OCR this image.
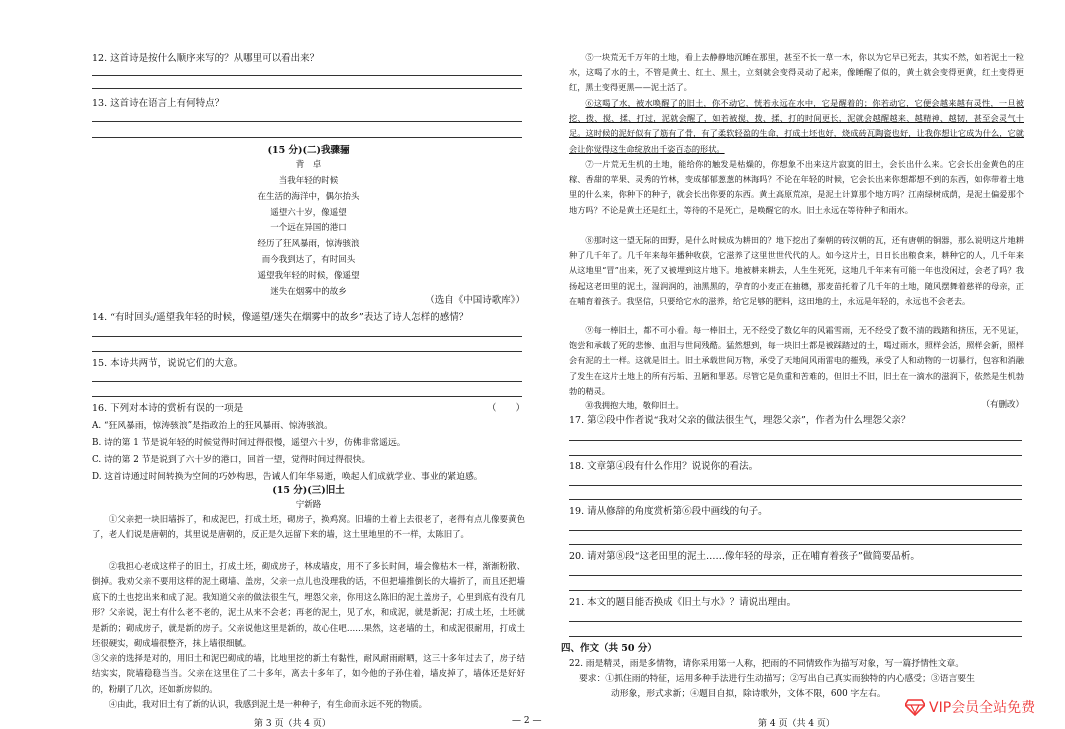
12. 这首诗是按什么顺序来写的？从哪里可以看出来？
13. 这首诗在语言上有何特点？
(15 分)(二)我骤骊
背　卓
当我年轻的时候
在生活的海洋中，偶尔抬头
遥望六十岁，像遥望
一个远在异国的港口
经历了狂风暴雨，惊涛骇浪
而今我到达了，有时回头
遥望我年轻的时候，像遥望
迷失在烟雾中的故乡
（选自《中国诗歌库》）
14. “有时回头/遥望我年轻的时候，像遥望/迷失在烟雾中的故乡”表达了诗人怎样的感情？
15. 本诗共两节，说说它们的大意。
16. 下列对本诗的赏析有误的一项是	（　　）
A. “狂风暴雨，惊涛骇浪”是指政治上的狂风暴雨、惊涛骇浪。
B. 诗的第 1 节是说年轻的时候觉得时间过得很慢，遥望六十岁，仿佛非常遥远。
C. 诗的第 2 节是说到了六十岁的港口，回首一望，觉得时间过得很快。
D. 这首诗通过时间转换为空间的巧妙构思，告诫人们年华易逝，唤起人们成就学业、事业的紧迫感。
(15 分)(三)旧土
宁新路
①父亲把一块旧墙拆了，和成泥巴，打成土坯，砌房子，换鸡窝。旧墙的土着上去很老了，老得有点儿像要黄色了，老人们说是唐朝的，其里说是唐朝的，反正是久远留下来的墙，这土里地里的不一样，太陈旧了。
②我担心老成这样子的旧土，打成土坯，砌成房子，林成墙皮，用不了多长时间，墙会像枯木一样，渐渐粉散、倒掉。我劝父亲不要用这样的泥土砌墙、盖房，父亲一点儿也没理我的话，不但把墙推倒长的大墙折了，而且还把墙底下的土也挖出来和成了泥。我知道父亲的做法很生气，埋怨父亲，你用这么陈旧的泥土盖房子，心里到底有没有几形？父亲说，泥土有什么老不老的，泥土从来不会老；再老的泥土，见了水，和成泥，就是新泥；打成土坯，土坯就是新的；砌成房子，就是新的房子。父亲说他这里是新的，故心住吧……果然，这老墙的土，和成泥很耐用，打成土坯很硬实，砌成墙很整齐，抹上墙很细腻。
③父亲的选择是对的，用旧土和泥巴砌成的墙，比地里挖的新土有黏性，耐风耐雨耐晒，这三十多年过去了，房子结结实实，院墙稳稳当当。父亲在这里住了二十多年，离去十多年了，如今他的子孙住着，墙皮掉了，墙体还是好好的，粉刷了几次，还如新房似的。
④由此，我对旧土有了新的认识，我感到泥土是一种种子，有生命而永远不死的物质。
第 3 页（共 4 页）	— 2 —
⑤一块荒无千万年的土地，看上去静静地沉睡在那里，甚至不长一草一木，你以为它早已死去，其实不然，如若泥土一粒水，这喝了水的土，不管是黄土、红土、黑土，立刻就会变得灵动了起来，像睡醒了似的，黄土就会变得更黄，红土变得更红，黑土变得更黑——泥土活了。
⑥这喝了水，被水唤醒了的旧土，你不动它，恍若永远在水中，它是醒着的；你若动它，它便会越来越有灵性，一旦被挖、拨、搅、揉、打过，泥就会醒了，如若被搅、拨、揉、打的时间更长，泥就会越醒越来、越精神、越韧，甚至会灵气十足。这时候的泥好似有了筋有了骨，有了柔软轻盈的生命，打成土坯也好，烧成砖瓦陶瓷也好，让我你想让它成为什么，它就会让你觉得这生命绽放出千姿百态的形状。
⑦一片荒无生机的土地，能给你的触发是枯燥的，你想象不出来这片寂寞的旧土，会长出什么来。它会长出金黄色的庄稼、香甜的苹果、灵秀的竹林，变成郁郁葱葱的林海吗？不论在年轻的时候，它会长出来你想都想不到的东西，如你带着土地里的什么来，你种下的种子，就会长出你要的东西。黄土高原荒凉，是泥土计算那个地方吗？江南绿树成荫，是泥土偏爱那个地方吗？不论是黄土还是红土，等待的不是死亡，是唤醒它的水。旧土永远在等待种子和雨水。
⑧那时这一望无际的田野，是什么时候成为耕田的？地下挖出了秦朝的砖汉朝的瓦，还有唐朝的铜器，那么说明这片地耕种了几千年了。几千年来每年播种收获，它滋养了这里世世代代的人。如今这片土，日日长出粮食来，耕种它的人，几千年来从这地里“冒”出来，死了又被埋到这片地下。地被耕来耕去，人生生死死，这地几千年来有可能一年也没闲过，会老了吗？我扬起这老田里的泥土，湿润润的，油黑黑的，孕育的小麦正在抽穗，那麦苗托着了几千年的土地，随风摆舞着慈祥的母亲，正在哺育着孩子。我坚信，只要给它水的滋养，给它足够的肥料，这田地的土，永远是年轻的，永远也不会老去。
⑨每一棒旧土，都不可小看。每一棒旧土，无不经受了数亿年的风霜雪雨，无不经受了数不清的践踏和挤压，无不见证，饱尝和承载了死的悲惨、血泪与世间残酷。猛然想到，每一块旧土都是被踩踏过的土，喝过雨水，照样会活，照样会新，照样会有泥的土一样。这就是旧土。旧土承载世间万物，承受了天地间风雨雷电的摧残，承受了人和动物的一切暴行，包容和消融了发生在这片土地上的所有污垢、丑陋和罪恶。尽管它是负重和苦难的，但旧土不旧，旧土在一滴水的滋润下，依然是生机勃勃的精灵。
⑩我拥抱大地，敬仰旧土。	（有删改）
17. 第②段中作者说“我对父亲的做法很生气，埋怨父亲”，作者为什么埋怨父亲？
18. 文章第④段有什么作用？说说你的看法。
19. 请从修辞的角度赏析第⑥段中画线的句子。
20. 请对第⑧段“这老田里的泥土……像年轻的母亲，正在哺育着孩子”做简要品析。
21. 本文的题目能否换成《旧土与水》？请说出理由。
四、作文（共 50 分）
22. 雨是精灵，雨是多情物，请你采用第一人称，把雨的不同情致作为描写对象，写一篇抒情性文章。
要求：①抓住雨的特征，运用多种手法进行生动描写；②写出自己真实而独特的内心感受；③语言要生
动形象，形式求新；④题目自拟，除诗歌外，文体不限，600 字左右。
第 4 页（共 4 页）
VIP会员全站免费
